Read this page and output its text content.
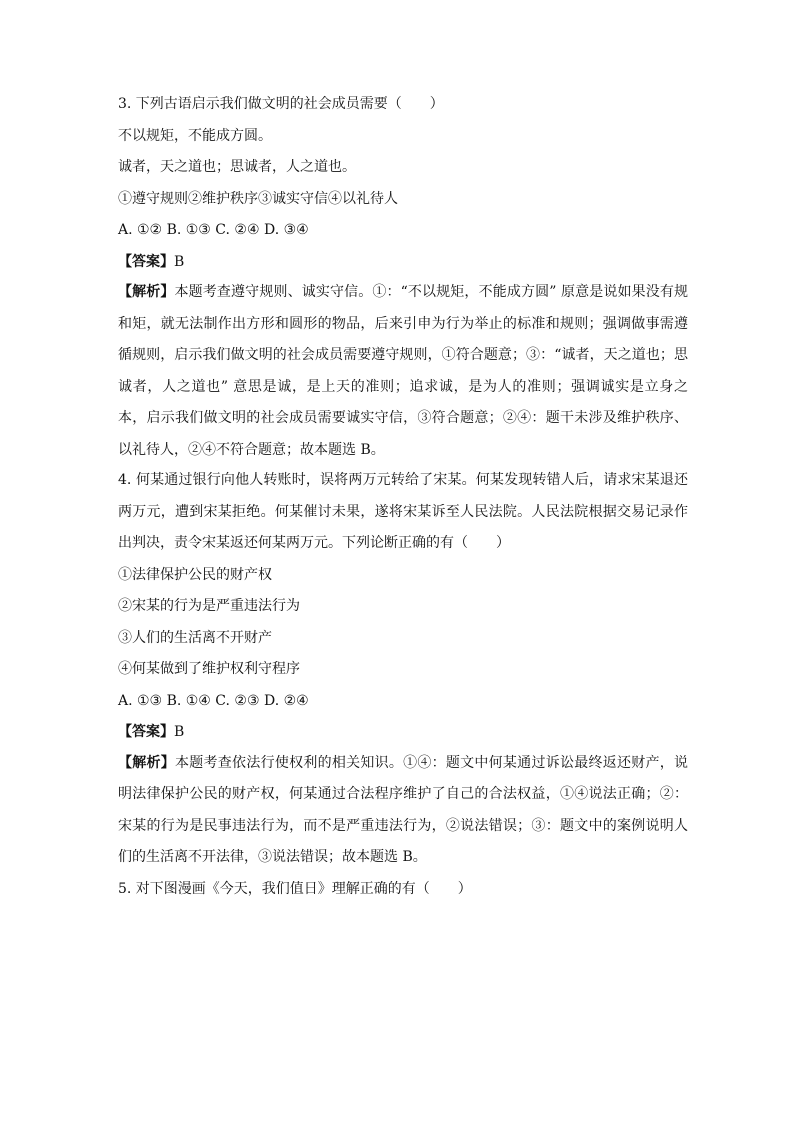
3. 下列古语启示我们做文明的社会成员需要（　　）
不以规矩，不能成方圆。
诚者，天之道也；思诚者，人之道也。
①遵守规则②维护秩序③诚实守信④以礼待人
A. ①② B. ①③ C. ②④ D. ③④
【答案】B
【解析】本题考查遵守规则、诚实守信。①：“不以规矩，不能成方圆” 原意是说如果没有规和矩，就无法制作出方形和圆形的物品，后来引申为行为举止的标准和规则；强调做事需遵循规则，启示我们做文明的社会成员需要遵守规则，①符合题意；③：“诚者，天之道也；思诚者，人之道也” 意思是诚，是上天的准则；追求诚，是为人的准则；强调诚实是立身之本，启示我们做文明的社会成员需要诚实守信，③符合题意；②④：题干未涉及维护秩序、以礼待人，②④不符合题意；故本题选 B。
4. 何某通过银行向他人转账时，误将两万元转给了宋某。何某发现转错人后，请求宋某退还两万元，遭到宋某拒绝。何某催讨未果，遂将宋某诉至人民法院。人民法院根据交易记录作出判决，责令宋某返还何某两万元。下列论断正确的有（　　）
①法律保护公民的财产权
②宋某的行为是严重违法行为
③人们的生活离不开财产
④何某做到了维护权利守程序
A. ①③ B. ①④ C. ②③ D. ②④
【答案】B
【解析】本题考查依法行使权利的相关知识。①④：题文中何某通过诉讼最终返还财产，说明法律保护公民的财产权，何某通过合法程序维护了自己的合法权益，①④说法正确；②：宋某的行为是民事违法行为，而不是严重违法行为，②说法错误；③：题文中的案例说明人们的生活离不开法律，③说法错误；故本题选 B。
5. 对下图漫画《今天，我们值日》理解正确的有（　　）
